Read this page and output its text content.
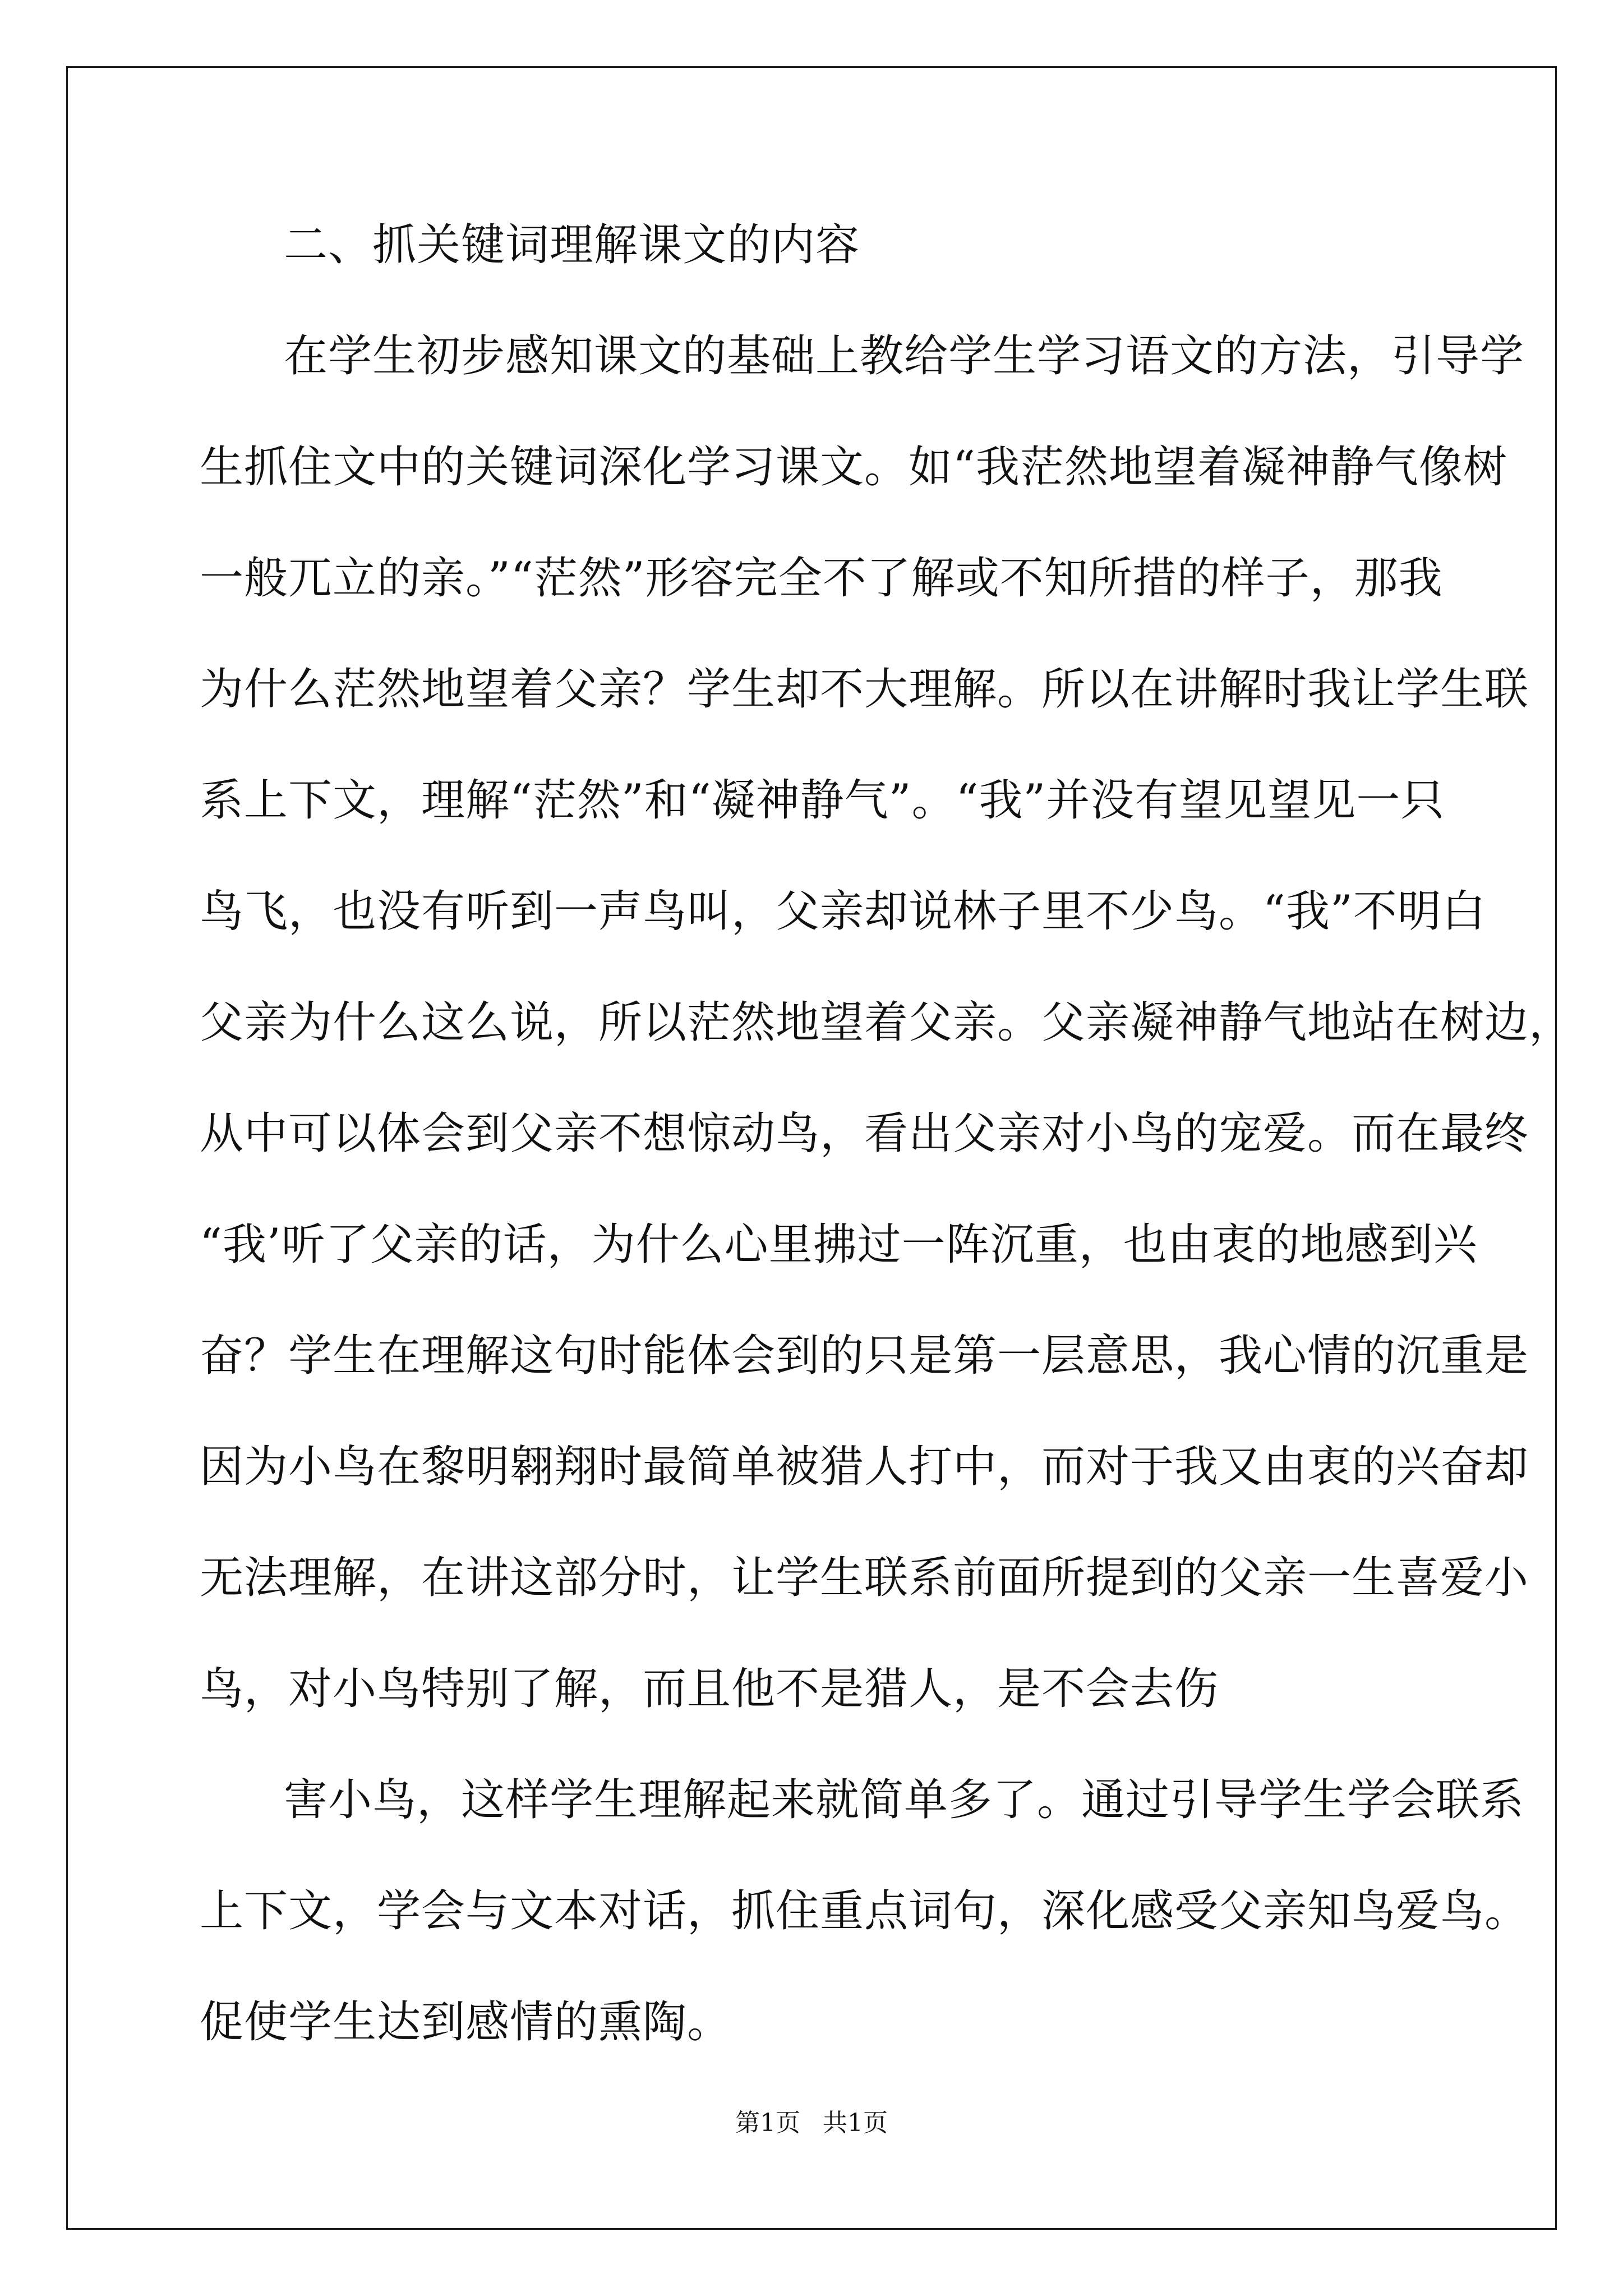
二、抓关键词理解课文的内容
在学生初步感知课文的基础上教给学生学习语文的方法，引导学
生抓住文中的关键词深化学习课文。如“我茫然地望着凝神静气像树
一般兀立的亲。”“茫然”形容完全不了解或不知所措的样子，那我
为什么茫然地望着父亲？学生却不大理解。所以在讲解时我让学生联
系上下文，理解“茫然”和“凝神静气”。“我”并没有望见望见一只
鸟飞，也没有听到一声鸟叫，父亲却说林子里不少鸟。“我”不明白
父亲为什么这么说，所以茫然地望着父亲。父亲凝神静气地站在树边，
从中可以体会到父亲不想惊动鸟，看出父亲对小鸟的宠爱。而在最终
“我’听了父亲的话，为什么心里拂过一阵沉重，也由衷的地感到兴
奋？学生在理解这句时能体会到的只是第一层意思，我心情的沉重是
因为小鸟在黎明翱翔时最简单被猎人打中，而对于我又由衷的兴奋却
无法理解，在讲这部分时，让学生联系前面所提到的父亲一生喜爱小
鸟，对小鸟特别了解，而且他不是猎人，是不会去伤
害小鸟，这样学生理解起来就简单多了。通过引导学生学会联系
上下文，学会与文本对话，抓住重点词句，深化感受父亲知鸟爱鸟。
促使学生达到感情的熏陶。
第1页 共1页
